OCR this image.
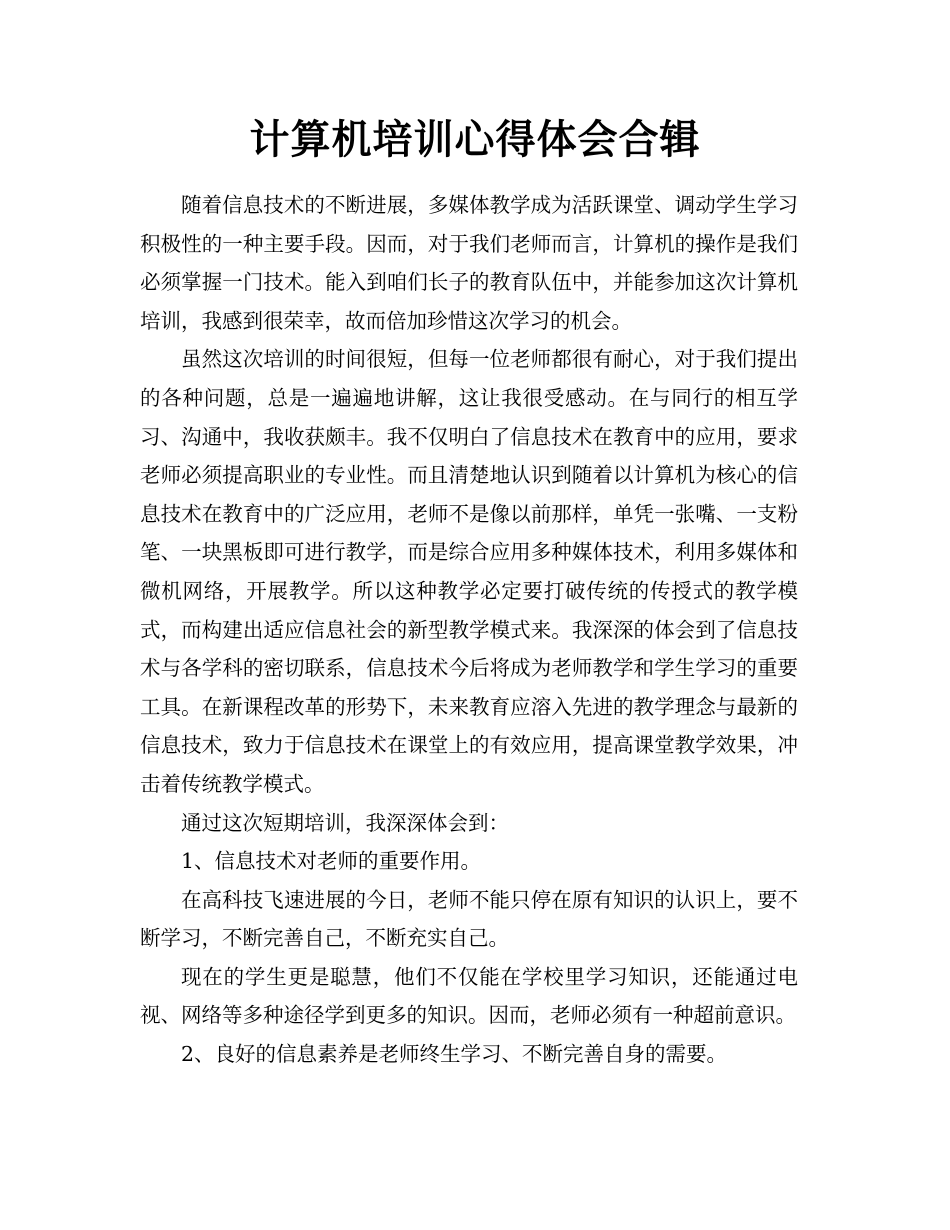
计算机培训心得体会合辑

随着信息技术的不断进展，多媒体教学成为活跃课堂、调动学生学习积极性的一种主要手段。因而，对于我们老师而言，计算机的操作是我们必须掌握一门技术。能入到咱们长子的教育队伍中，并能参加这次计算机培训，我感到很荣幸，故而倍加珍惜这次学习的机会。

虽然这次培训的时间很短，但每一位老师都很有耐心，对于我们提出的各种问题，总是一遍遍地讲解，这让我很受感动。在与同行的相互学习、沟通中，我收获颇丰。我不仅明白了信息技术在教育中的应用，要求老师必须提高职业的专业性。而且清楚地认识到随着以计算机为核心的信息技术在教育中的广泛应用，老师不是像以前那样，单凭一张嘴、一支粉笔、一块黑板即可进行教学，而是综合应用多种媒体技术，利用多媒体和微机网络，开展教学。所以这种教学必定要打破传统的传授式的教学模式，而构建出适应信息社会的新型教学模式来。我深深的体会到了信息技术与各学科的密切联系，信息技术今后将成为老师教学和学生学习的重要工具。在新课程改革的形势下，未来教育应溶入先进的教学理念与最新的信息技术，致力于信息技术在课堂上的有效应用，提高课堂教学效果，冲击着传统教学模式。

通过这次短期培训，我深深体会到：

1、信息技术对老师的重要作用。

在高科技飞速进展的今日，老师不能只停在原有知识的认识上，要不断学习，不断完善自己，不断充实自己。

现在的学生更是聪慧，他们不仅能在学校里学习知识，还能通过电视、网络等多种途径学到更多的知识。因而，老师必须有一种超前意识。

2、良好的信息素养是老师终生学习、不断完善自身的需要。
